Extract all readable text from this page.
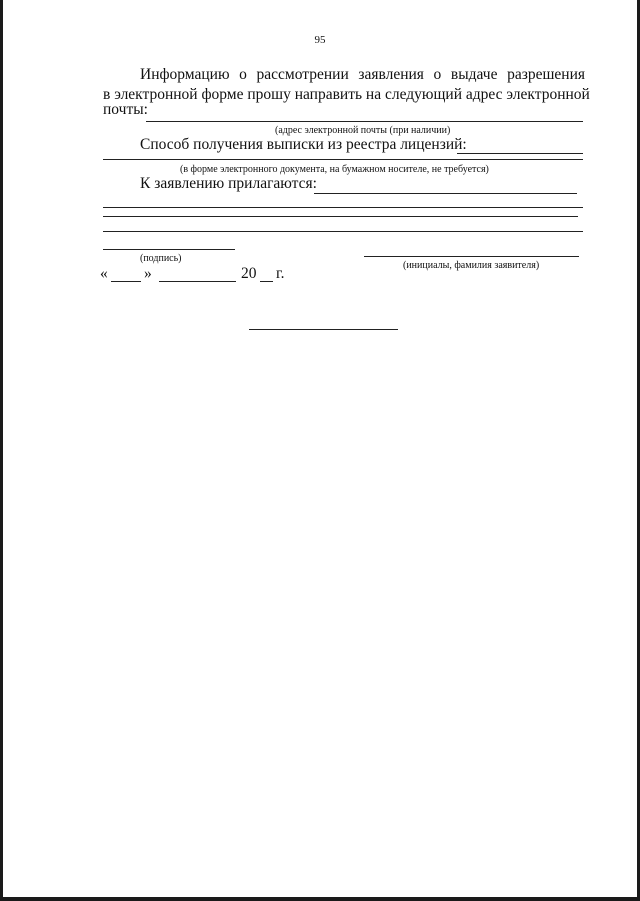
95
Информацию о рассмотрении заявления о выдаче разрешения
в электронной форме прошу направить на следующий адрес электронной
почты:
(адрес электронной почты (при наличии)
Способ получения выписки из реестра лицензий:
(в форме электронного документа, на бумажном носителе, не требуется)
К заявлению прилагаются:
(подпись)
(инициалы, фамилия заявителя)
« »	20 г.
